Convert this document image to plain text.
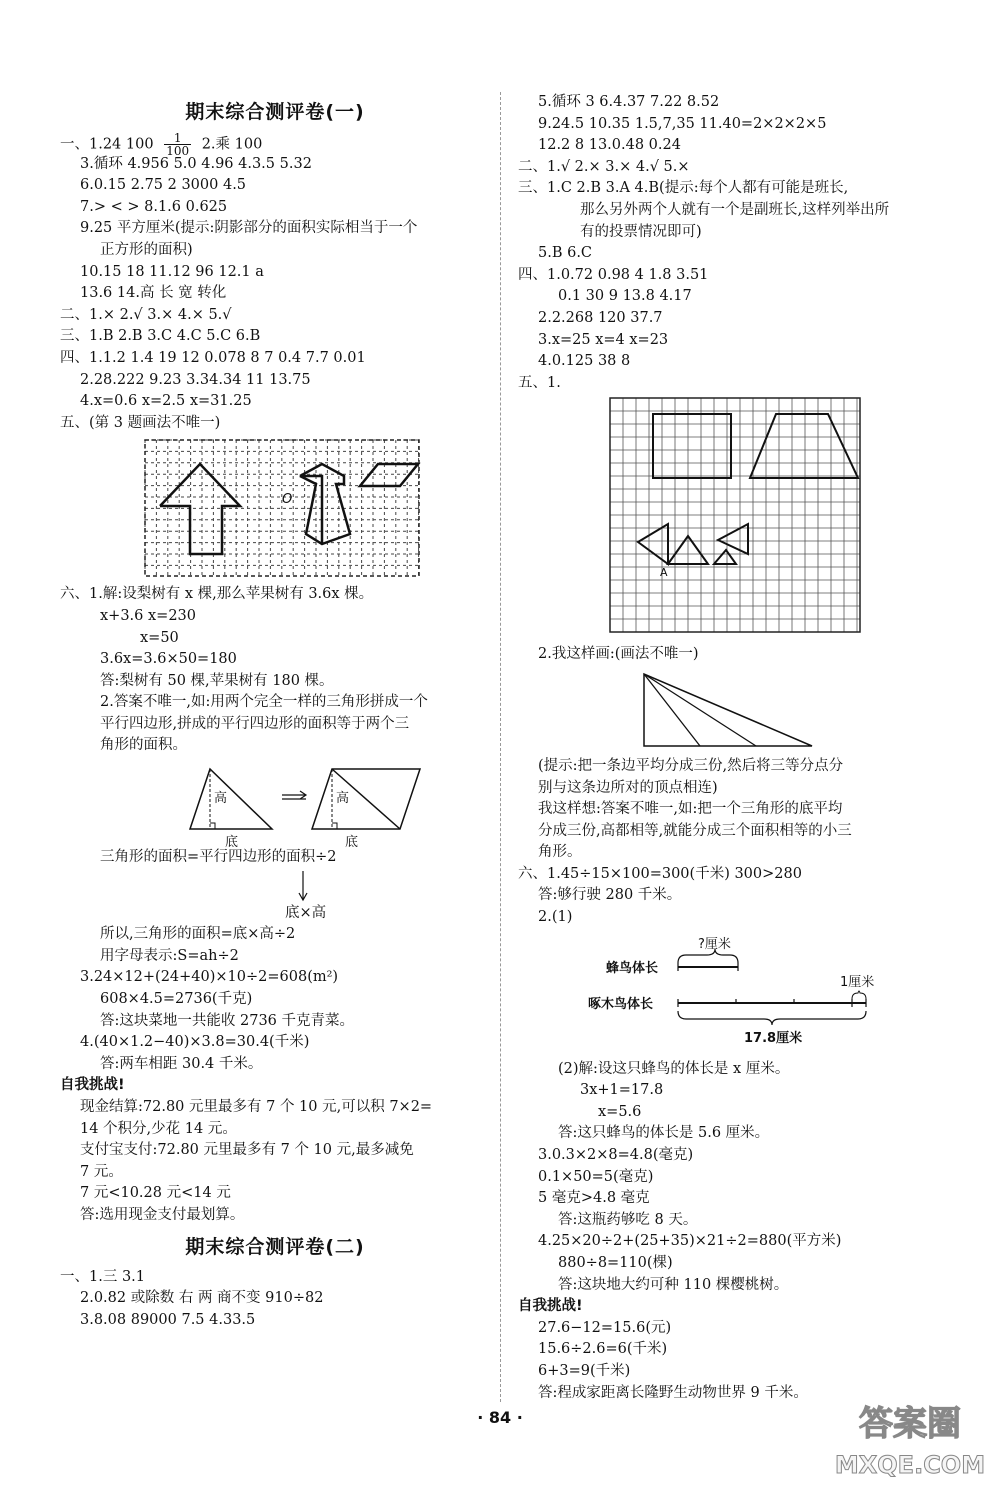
期末综合测评卷(一)
一、1.24 $100 \frac{1}{100} 2$.乘 100
3.循环 4.956 5.0 4.96 4.3.5 5.32
6.0.15 2.75 2 3000 4.5
7.> < > 8.1.6 0.625
9.25 平方厘米(提示:阴影部分的面积实际相当于一个
正方形的面积)
10.15 18 11.12 96 12.1 a
13.6 14.高 长 宽 转化
二、1.× 2.√ 3.× 4.× 5.√
三、1.B 2.B 3.C 4.C 5.C 6.B
四、1.1.2 1.4 19 12 0.078 8 7 0.4 7.7 0.01
2.28.222 9.23 3.34.34 11 13.75
4.x=0.6 x=2.5 x=31.25
五、(第 3 题画法不唯一)
O
六、1.解:设梨树有 x 棵,那么苹果树有 3.6x 棵。
x+3.6 x=230
x=50
3.6x=3.6×50=180
答:梨树有 50 棵,苹果树有 180 棵。
2.答案不唯一,如:用两个完全一样的三角形拼成一个
平行四边形,拼成的平行四边形的面积等于两个三
角形的面积。
高	高
底	底
三角形的面积=平行四边形的面积÷2
底×高
所以,三角形的面积=底×高÷2
用字母表示:S=ah÷2
3.24×12+(24+40)×10÷2=608(m²)
608×4.5=2736(千克)
答:这块菜地一共能收 2736 千克青菜。
4.(40×1.2−40)×3.8=30.4(千米)
答:两车相距 30.4 千米。
自我挑战!
现金结算:72.80 元里最多有 7 个 10 元,可以积 7×2=
14 个积分,少花 14 元。
支付宝支付:72.80 元里最多有 7 个 10 元,最多减免
7 元。
7 元<10.28 元<14 元
答:选用现金支付最划算。
期末综合测评卷(二)
一、1.三 3.1
2.0.82 或除数 右 两 商不变 910÷82
3.8.08 89000 7.5 4.33.5
5.循环 3 6.4.37 7.22 8.52
9.24.5 10.35 1.5,7,35 11.40=2×2×2×5
12.2 8 13.0.48 0.24
二、1.√ 2.× 3.× 4.√ 5.×
三、1.C 2.B 3.A 4.B(提示:每个人都有可能是班长,
那么另外两个人就有一个是副班长,这样列举出所
有的投票情况即可)
5.B 6.C
四、1.0.72 0.98 4 1.8 3.51
0.1 30 9 13.8 4.17
2.2.268 120 37.7
3.x=25 x=4 x=23
4.0.125 38 8
五、1.
A
2.我这样画:(画法不唯一)
(提示:把一条边平均分成三份,然后将三等分点分
别与这条边所对的顶点相连)
我这样想:答案不唯一,如:把一个三角形的底平均
分成三份,高都相等,就能分成三个面积相等的小三
角形。
六、1.45÷15×100=300(千米) 300>280
答:够行驶 280 千米。
2.(1)
?厘米
蜂鸟体长
啄木鸟体长
1厘米
17.8厘米
(2)解:设这只蜂鸟的体长是 x 厘米。
3x+1=17.8
x=5.6
答:这只蜂鸟的体长是 5.6 厘米。
3.0.3×2×8=4.8(毫克)
0.1×50=5(毫克)
5 毫克>4.8 毫克
答:这瓶药够吃 8 天。
4.25×20÷2+(25+35)×21÷2=880(平方米)
880÷8=110(棵)
答:这块地大约可种 110 棵樱桃树。
自我挑战!
27.6−12=15.6(元)
15.6÷2.6=6(千米)
6+3=9(千米)
答:程成家距离长隆野生动物世界 9 千米。
· 84 ·	答案圈
MXQE.COM
